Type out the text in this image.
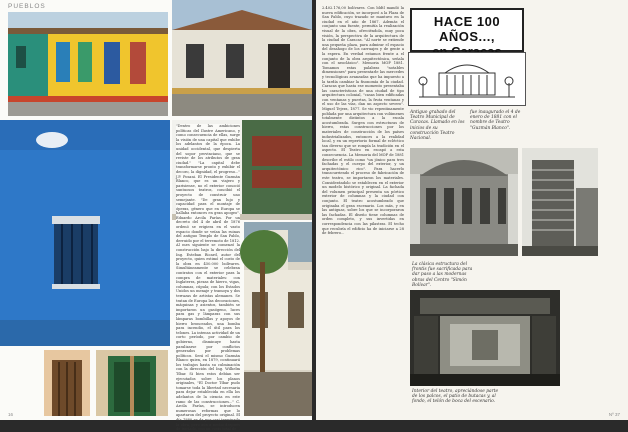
PUEBLOS
"Dentro de las ambiciones políticas del Ilustre Americano, y como consecuencia de ellas, surge la visión de una capital que exhibe los adelantos de la época. La unidad occidental, que despierta del sopor provinciano, que se reviste de los atributos de gran ciudad." "La capital debe transformarse pronto y exhibir el decoro, la dignidad, el progreso..." J.P. Posani. El Presidente Guzmán Blanco, que es un viajero y parisiense, no el exterior conoció suntuosos teatros, concibió el proyecto de construir uno semejante. "De gran lujo y capacidad para el montaje de óperas, género que en Europa se hallaba entonces en gran apogeo". Eduardo Arcila Farías. Por un decreto del 4 de abril de 1876 ordenó se erigiera en el vasto espacio donde se veían las ruinas del antiguo Templo de San Pablo, derruido por el terremoto de 1812. Al mes siguiente se comenzó la construcción bajo la dirección del Ing. Esteban Ricard, autor del proyecto, quien estimó el costo de la obra en 450.000 bolívares. Simultáneamente se celebran contratos con el exterior para la compra de materiales: con Inglaterra, piezas de hierro, vigas, columnas, cúpula; con los Estados Unidos un menaje y tramoya y dos terrazas de artistas alemanes. Se tratan de Europa las decoraciones, máquinas y asientos, también se importaron un gasógeno, luces para gas y lámparas con sus lámparas bombillas y apoyos de hierro bronceados, una bomba para incendio, el útil para los telones. La intensa actividad de un corto período, por cambio de gobierno, disminuye hasta paralizarse por conflictos generados por problemas políticos. Será el mismo Guzmán Blanco quien, en 1879, continuará los trabajos hasta su culminación con la dirección del Ing. Wilhelm Tíbar. Si bien estos debían ser ejecutados sobre los planos originales, "El Doctor Tíbar pudo tomarse toda la libertad necesaria para dejar establecida en ella los adelantos de la ciencia en este ramo de las construcciones..." C. Arcila Farías, se introducen numerosas reformas que lo apartaron del proyecto original. El día 1880 se da por casi terminado la obra, pero aún a medio después de iniciado, con un costo total de...
16
HACE 100 AÑOS...,
Antiguo grabado del Teatro Municipal de Caracas. Llamado en los inicios de su construcción Teatro Nacional.
fue inaugurado el 4 de enero de 1881 con el nombre de Teatro "Guzmán Blanco".
2.402.176,00 bolívares. Con bldtl mandó la nueva edificación, se incorporó a la Plaza de San Pablo, cuyo trazado se mantuvo en la ciudad en el año de 1867. Además el conjunto una fuente, permitía la realización visual de la obra, ofreciéndola, muy poca visión, la perspectiva de la arquitectura de la ciudad de Caracas. "Al norte se extiende una pequeña plaza, para admirar el espacio del desahogo de los carruajes y de gente a la espera. En verdad estamos frente a el conjunto de la obra arquitectónica, señala con el neoclásico". Memoria MOP 1881. Tomamos estas palabras "notables dimensiones" para presentarle las mercedes y tecnológicas avanzadas que ha impuesto a la tardía cambiar la fisonomía de la ciudad. Caracas que hasta ese momento presentaba las características de una ciudad de tipo arquitectura colonial, "casas bien edificadas con ventanas y puertas, la fruta ventanas y el uso de las vías, dan un aspecto severo". Miguel Tejera, 1877. Se vio repentinamente poblada por una arquitectura con volúmenes totalmente distintos a la escala acostumbrada. Surgen con estructuras de hierro, estas construcciones por los materiales de construcción de los países industrializados, entonces a la realidad local, y en un repertorio formal de ecléctico tan diverso que se rompía la tradición en el aspecto. El Teatro en escapó a esta consecuencia. La Memoria del MOP de 1881 describe el estilo como "un jónico para tres fachadas y el cuerpo del exterior, y un arquitectónico rico". Para hacerlo transcurriendo el proceso de fabricación de este teatro, se importaron los materiales. Considerándolo se establecen en el exterior un modelo histórico y original. La fachada del volumen principal presenta un pórtico exterior de columnas y la ciudad con conjunto. El teatro acostumbrado que originaba el gran escenario. Los más, y en las antiguas, sobre los que se incorporaron las fachadas. El diseño tiene columnas de orden completo, y sus invertidas en correspondencia con las pilastras. El techo que recubría el edificio ha de iniciarse a 28 de febrero...
La clásica estructura del frontis fue sacrificada para dar paso a las modernas obras del Centro "Simón Bolívar".
Interior del teatro, apreciándose parte de los palcos, el patio de butacas y, al fondo, el telón de boca del escenario.
Nº 37
